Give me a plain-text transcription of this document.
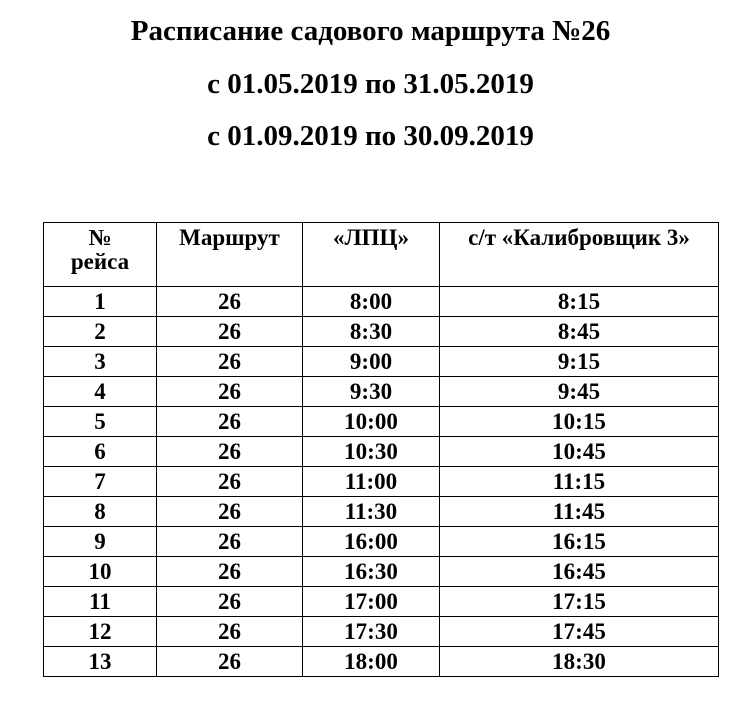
Расписание садового маршрута №26
с 01.05.2019 по 31.05.2019
с 01.09.2019 по 30.09.2019
№
рейса	Маршрут	«ЛПЦ»	с/т «Калибровщик 3»
1	26	8:00	8:15
2	26	8:30	8:45
3	26	9:00	9:15
4	26	9:30	9:45
5	26	10:00	10:15
6	26	10:30	10:45
7	26	11:00	11:15
8	26	11:30	11:45
9	26	16:00	16:15
10	26	16:30	16:45
11	26	17:00	17:15
12	26	17:30	17:45
13	26	18:00	18:30
